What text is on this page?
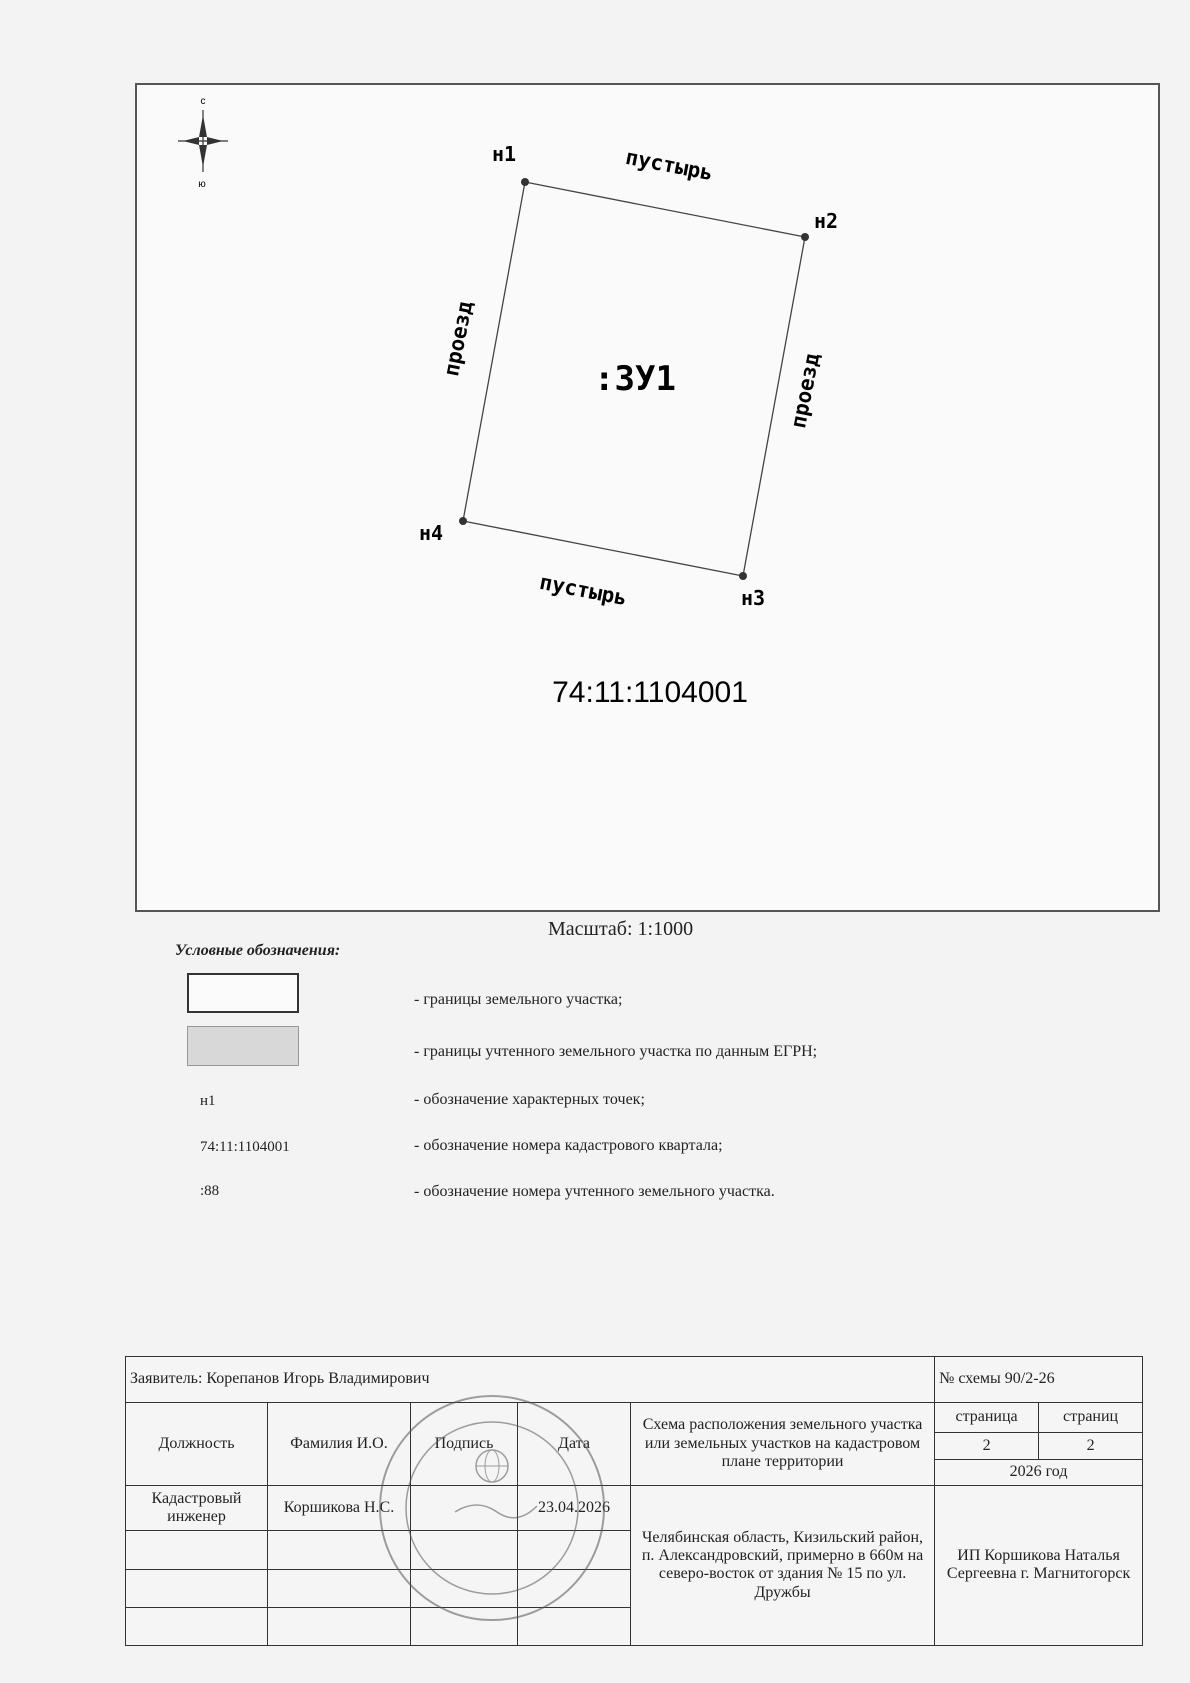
с
ю
н1
н2
н3
н4
пустырь
пустырь
проезд
проезд
:ЗУ1
74:11:1104001
Масштаб: 1:1000
Условные обозначения:
- границы земельного участка;
- границы учтенного земельного участка по данным ЕГРН;
н1	- обозначение характерных точек;
74:11:1104001	- обозначение номера кадастрового квартала;
:88	- обозначение номера учтенного земельного участка.
Заявитель: Корепанов Игорь Владимирович					№ схемы 90/2-26	
Должность	Фамилия И.О.	Подпись	Дата	Схема расположения земельного участка или земельных участков на кадастровом плане территории	страница	страниц
					2	2
					2026 год	
Кадастровый инженер	Коршикова Н.С.		23.04.2026	Челябинская область, Кизильский район, п. Александровский, примерно в 660м на северо-восток от здания № 15 по ул. Дружбы	ИП Коршикова Наталья Сергеевна г. Магнитогорск	
